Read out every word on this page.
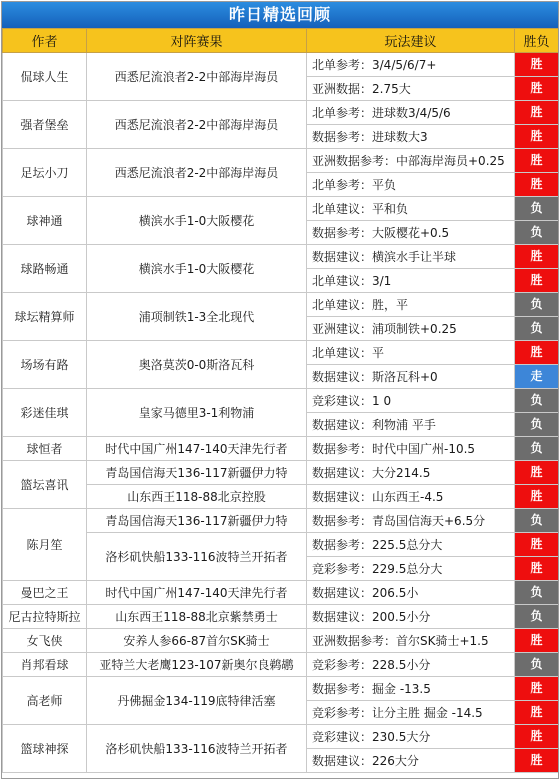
昨日精选回顾
作者	对阵赛果	玩法建议	胜负
侃球人生	西悉尼流浪者2-2中部海岸海员	北单参考：3/4/5/6/7+	胜

		亚洲数据：2.75大	胜

强者堡垒	西悉尼流浪者2-2中部海岸海员	北单参考：进球数3/4/5/6	胜

		数据参考：进球数大3	胜

足坛小刀	西悉尼流浪者2-2中部海岸海员	亚洲数据参考：中部海岸海员+0.25	胜

		北单参考：平负	胜

球神通	横滨水手1-0大阪樱花	北单建议：平和负	负

		数据参考：大阪樱花+0.5	负

球路畅通	横滨水手1-0大阪樱花	数据建议：横滨水手让半球	胜

		北单建议：3/1	胜

球坛精算师	浦项制铁1-3全北现代	北单建议：胜，平	负

		亚洲建议：浦项制铁+0.25	负

场场有路	奥洛莫茨0-0斯洛瓦科	北单建议：平	胜

		数据建议：斯洛瓦科+0	走

彩迷佳琪	皇家马德里3-1利物浦	竞彩建议：1 0	负

		数据建议：利物浦 平手	负

球恒者	时代中国广州147-140天津先行者	数据参考：时代中国广州-10.5	负

篮坛喜讯	青岛国信海天136-117新疆伊力特	数据建议：大分214.5	胜

	山东西王118-88北京控股	数据建议：山东西王-4.5	胜

陈月笙	青岛国信海天136-117新疆伊力特	数据参考：青岛国信海天+6.5分	负

	洛杉矶快船133-116波特兰开拓者	数据参考：225.5总分大	胜

		竞彩参考：229.5总分大	胜

曼巴之王	时代中国广州147-140天津先行者	数据建议：206.5小	负

尼古拉特斯拉	山东西王118-88北京紫禁勇士	数据建议：200.5小分	负

女飞侠	安养人参66-87首尔SK骑士	亚洲数据参考：首尔SK骑士+1.5	胜

肖邦看球	亚特兰大老鹰123-107新奥尔良鹈鹕	竞彩参考：228.5小分	负

高老师	丹佛掘金134-119底特律活塞	数据参考：掘金 -13.5	胜

		竞彩参考：让分主胜 掘金 -14.5	胜

篮球神探	洛杉矶快船133-116波特兰开拓者	竞彩建议：230.5大分	胜

		数据建议：226大分	胜
